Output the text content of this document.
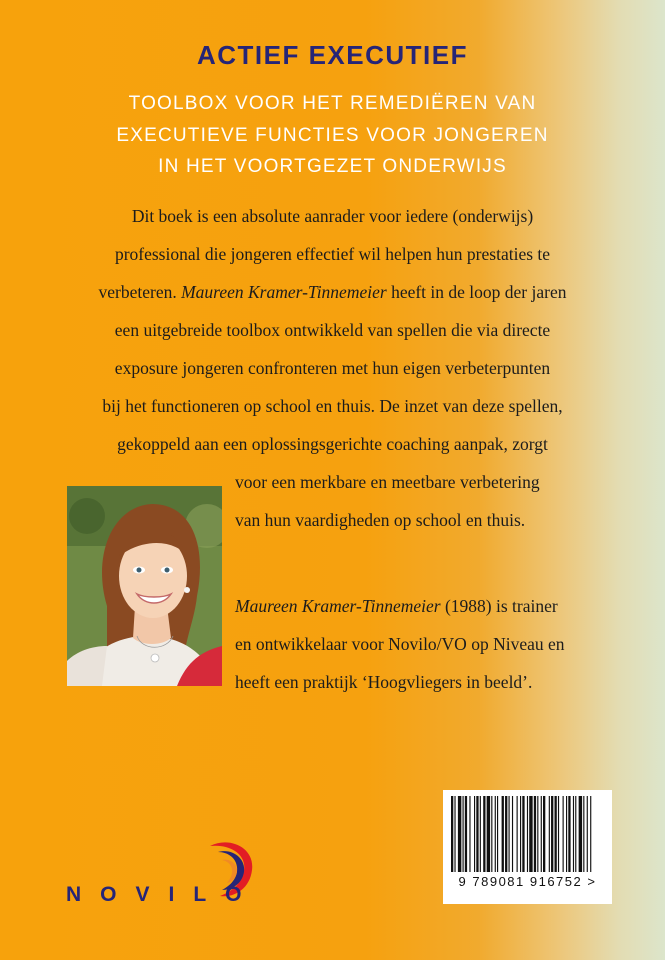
ACTIEF EXECUTIEF
TOOLBOX VOOR HET REMEDIËREN VAN
EXECUTIEVE FUNCTIES VOOR JONGEREN
IN HET VOORTGEZET ONDERWIJS
Dit boek is een absolute aanrader voor iedere (onderwijs)
professional die jongeren effectief wil helpen hun prestaties te
verbeteren. Maureen Kramer-Tinnemeier heeft in de loop der jaren
een uitgebreide toolbox ontwikkeld van spellen die via directe
exposure jongeren confronteren met hun eigen verbeterpunten
bij het functioneren op school en thuis. De inzet van deze spellen,
gekoppeld aan een oplossingsgerichte coaching aanpak, zorgt
voor een merkbare en meetbare verbetering
van hun vaardigheden op school en thuis.
Maureen Kramer-Tinnemeier (1988) is trainer
en ontwikkelaar voor Novilo/VO op Niveau en
heeft een praktijk ‘Hoogvliegers in beeld’.
9 789081 916752 >
NOVILO
